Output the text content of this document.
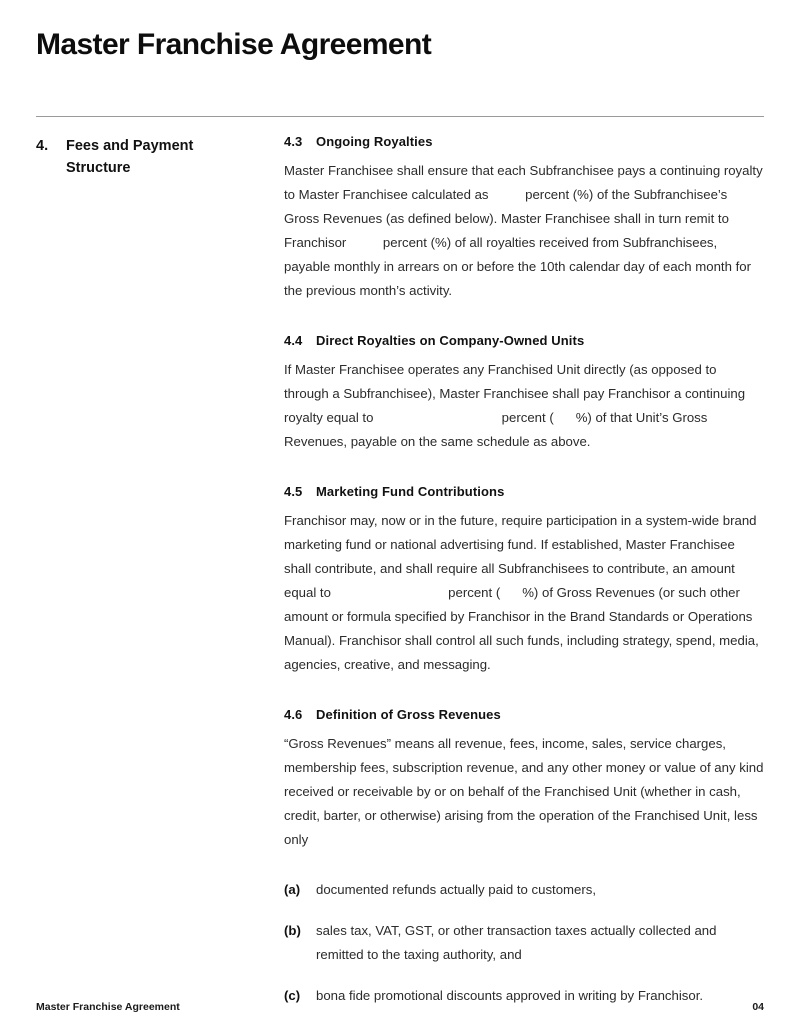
Master Franchise Agreement
4.	Fees and Payment Structure
4.3	Ongoing Royalties
Master Franchisee shall ensure that each Subfranchisee pays a continuing royalty to Master Franchisee calculated as          percent (%) of the Subfranchisee’s Gross Revenues (as defined below). Master Franchisee shall in turn remit to Franchisor          percent (%) of all royalties received from Subfranchisees, payable monthly in arrears on or before the 10th calendar day of each month for the previous month’s activity.
4.4	Direct Royalties on Company-Owned Units
If Master Franchisee operates any Franchised Unit directly (as opposed to through a Subfranchisee), Master Franchisee shall pay Franchisor a continuing royalty equal to                                   percent (      %) of that Unit’s Gross Revenues, payable on the same schedule as above.
4.5	Marketing Fund Contributions
Franchisor may, now or in the future, require participation in a system-wide brand marketing fund or national advertising fund. If established, Master Franchisee shall contribute, and shall require all Subfranchisees to contribute, an amount equal to                                percent (      %) of Gross Revenues (or such other amount or formula specified by Franchisor in the Brand Standards or Operations Manual). Franchisor shall control all such funds, including strategy, spend, media, agencies, creative, and messaging.
4.6	Definition of Gross Revenues
“Gross Revenues” means all revenue, fees, income, sales, service charges, membership fees, subscription revenue, and any other money or value of any kind received or receivable by or on behalf of the Franchised Unit (whether in cash, credit, barter, or otherwise) arising from the operation of the Franchised Unit, less only
(a)	documented refunds actually paid to customers,
(b)	sales tax, VAT, GST, or other transaction taxes actually collected and remitted to the taxing authority, and
(c)	bona fide promotional discounts approved in writing by Franchisor.
Master Franchise Agreement	04
